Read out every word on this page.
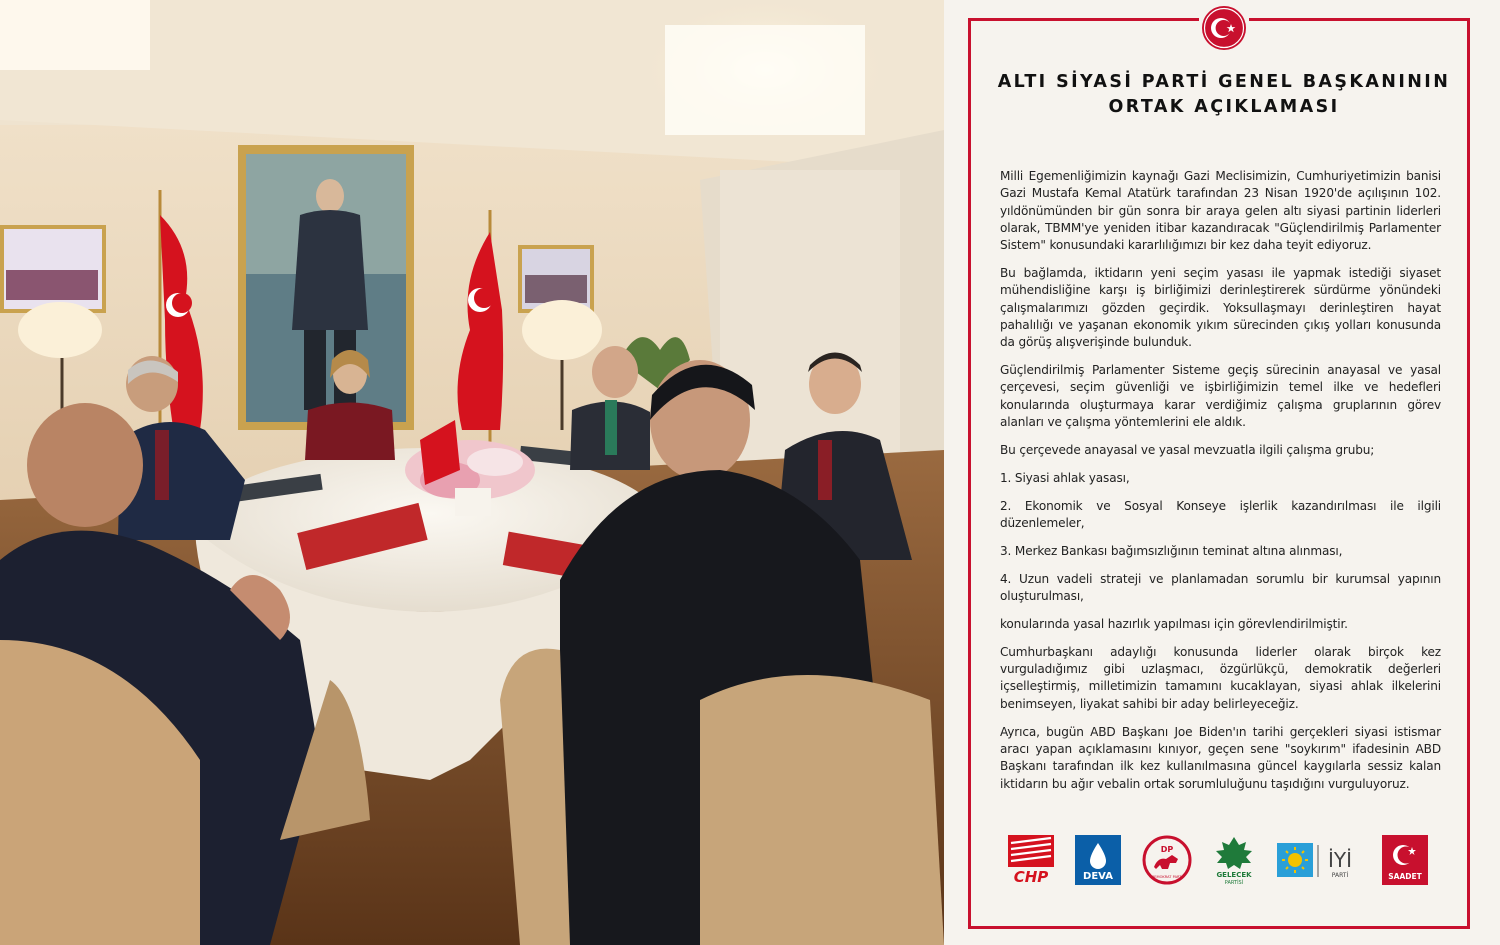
ALTI SİYASİ PARTİ GENEL BAŞKANININ
ORTAK AÇIKLAMASI

Milli Egemenliğimizin kaynağı Gazi Meclisimizin, Cumhuriyetimizin banisi Gazi Mustafa Kemal Atatürk tarafından 23 Nisan 1920'de açılışının 102. yıldönümünden bir gün sonra bir araya gelen altı siyasi partinin liderleri olarak, TBMM'ye yeniden itibar kazandıracak "Güçlendirilmiş Parlamenter Sistem" konusundaki kararlılığımızı bir kez daha teyit ediyoruz.

Bu bağlamda, iktidarın yeni seçim yasası ile yapmak istediği siyaset mühendisliğine karşı iş birliğimizi derinleştirerek sürdürme yönündeki çalışmalarımızı gözden geçirdik. Yoksullaşmayı derinleştiren hayat pahalılığı ve yaşanan ekonomik yıkım sürecinden çıkış yolları konusunda da görüş alışverişinde bulunduk.

Güçlendirilmiş Parlamenter Sisteme geçiş sürecinin anayasal ve yasal çerçevesi, seçim güvenliği ve işbirliğimizin temel ilke ve hedefleri konularında oluşturmaya karar verdiğimiz çalışma gruplarının görev alanları ve çalışma yöntemlerini ele aldık.

Bu çerçevede anayasal ve yasal mevzuatla ilgili çalışma grubu;

1. Siyasi ahlak yasası,

2. Ekonomik ve Sosyal Konseye işlerlik kazandırılması ile ilgili düzenlemeler,

3. Merkez Bankası bağımsızlığının teminat altına alınması,

4. Uzun vadeli strateji ve planlamadan sorumlu bir kurumsal yapının oluşturulması,

konularında yasal hazırlık yapılması için görevlendirilmiştir.

Cumhurbaşkanı adaylığı konusunda liderler olarak birçok kez vurguladığımız gibi uzlaşmacı, özgürlükçü, demokratik değerleri içselleştirmiş, milletimizin tamamını kucaklayan, siyasi ahlak ilkelerini benimseyen, liyakat sahibi bir aday belirleyeceğiz.

Ayrıca, bugün ABD Başkanı Joe Biden'ın tarihi gerçekleri siyasi istismar aracı yapan açıklamasını kınıyor, geçen sene "soykırım" ifadesinin ABD Başkanı tarafından ilk kez kullanılmasına güncel kaygılarla sessiz kalan iktidarın bu ağır vebalin ortak sorumluluğunu taşıdığını vurguluyoruz.

CHP	DEVA
DP
DEMOKRAT PARTİ	GELECEK
PARTİSİ
İYİ
PARTİ	SAADET
